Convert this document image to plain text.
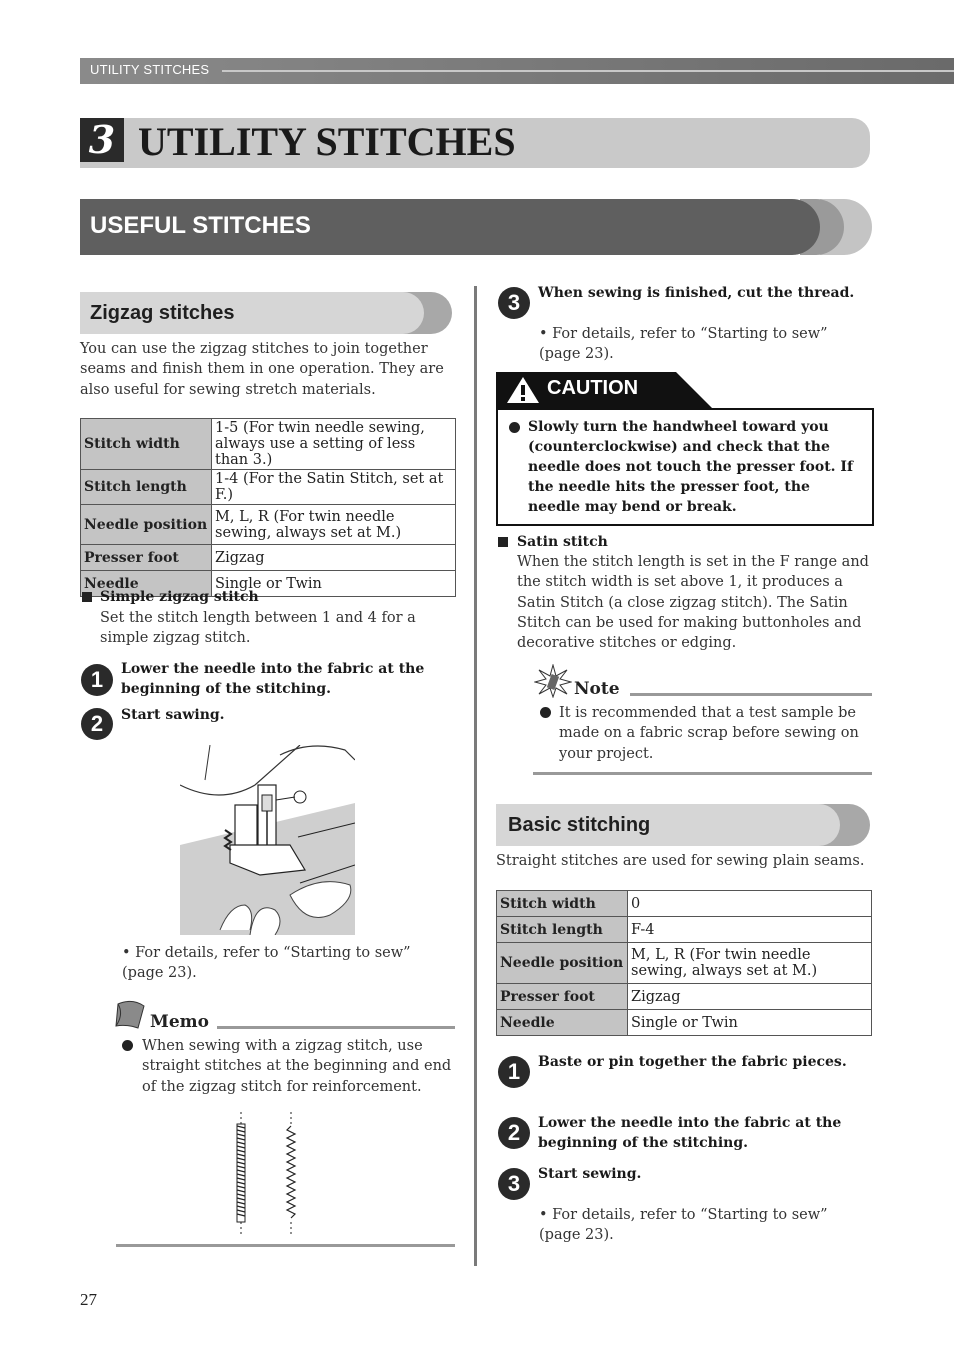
UTILITY STITCHES
3 UTILITY STITCHES
USEFUL STITCHES
Zigzag stitches
You can use the zigzag stitches to join together seams and finish them in one operation. They are also useful for sewing stretch materials.
Stitch width	1-5 (For twin needle sewing, always use a setting of less than 3.)
Stitch length	1-4 (For the Satin Stitch, set at F.)
Needle position	M, L, R (For twin needle sewing, always set at M.)
Presser foot	Zigzag
Needle	Single or Twin
Simple zigzag stitch
Set the stitch length between 1 and 4 for a simple zigzag stitch.
1	Lower the needle into the fabric at the beginning of the stitching.
2	Start sawing.
• For details, refer to “Starting to sew” (page 23).
Memo
When sewing with a zigzag stitch, use straight stitches at the beginning and end of the zigzag stitch for reinforcement.
3	When sewing is finished, cut the thread.
• For details, refer to “Starting to sew” (page 23).
CAUTION
Slowly turn the handwheel toward you (counterclockwise) and check that the needle does not touch the presser foot. If the needle hits the presser foot, the needle may bend or break.
Satin stitch
When the stitch length is set in the F range and the stitch width is set above 1, it produces a Satin Stitch (a close zigzag stitch). The Satin Stitch can be used for making buttonholes and decorative stitches or edging.
Note
It is recommended that a test sample be made on a fabric scrap before sewing on your project.
Basic stitching
Straight stitches are used for sewing plain seams.
Stitch width	0
Stitch length	F-4
Needle position	M, L, R (For twin needle sewing, always set at M.)
Presser foot	Zigzag
Needle	Single or Twin
1	Baste or pin together the fabric pieces.
2	Lower the needle into the fabric at the beginning of the stitching.
3	Start sewing.
• For details, refer to “Starting to sew” (page 23).
27
